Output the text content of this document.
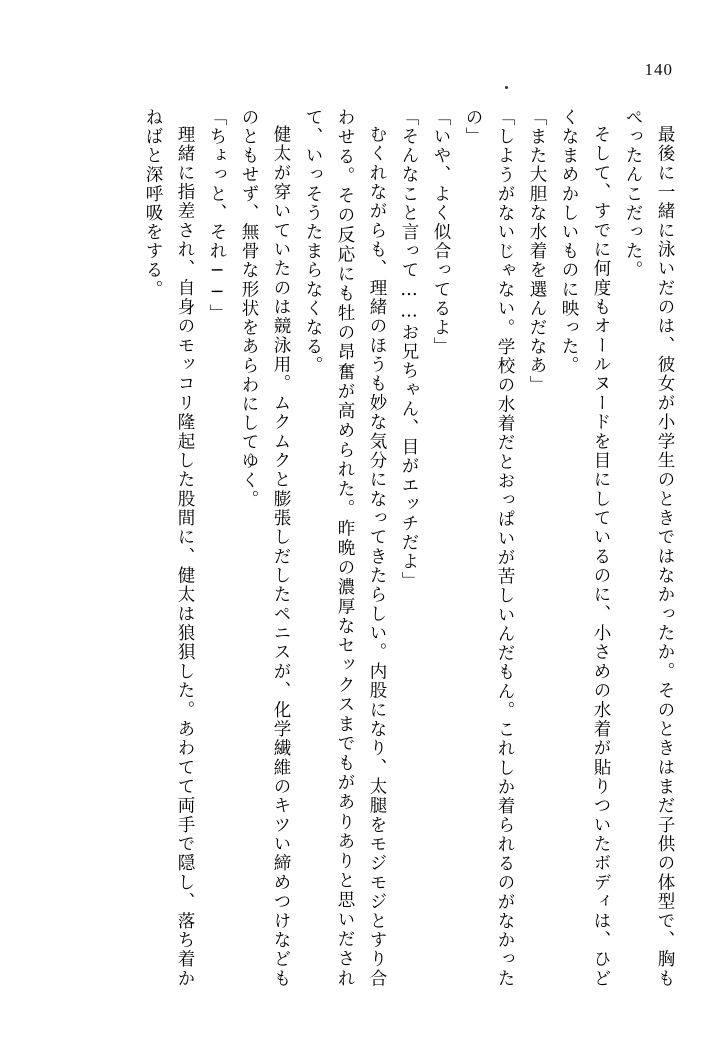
140

最後に一緒に泳いだのは、彼女が小学生のときではなかったか。そのときはまだ子供の体型で、胸もぺったんこだった。

そして、すでに何度もオールヌードを目にしているのに、小さめの水着が貼りついたボディは、ひどくなまめかしいものに映った。

「また大胆な水着を選んだなあ」

「しようがないじゃない。学校の水着だとおっぱいが苦しいんだもん。これしか着られるのがなかったの」

「いや、よく似合ってるよ」

「そんなこと言って……お兄ちゃん、目がエッチだよ」

むくれながらも、理緒のほうも妙な気分になってきたらしい。内股になり、太腿をモジモジとすり合わせる。その反応にも牡の昂奮が高められた。昨晩の濃厚なセックスまでもがありありと思いだされて、いっそうたまらなくなる。

健太が穿いていたのは競泳用。ムクムクと膨張しだしたペニスが、化学繊維のキツい締めつけなどものともせず、無骨な形状をあらわにしてゆく。

「ちょっと、それ──」

理緒に指差され、自身のモッコリ隆起した股間に、健太は狼狽した。あわてて両手で隠し、落ち着かねばと深呼吸をする。
